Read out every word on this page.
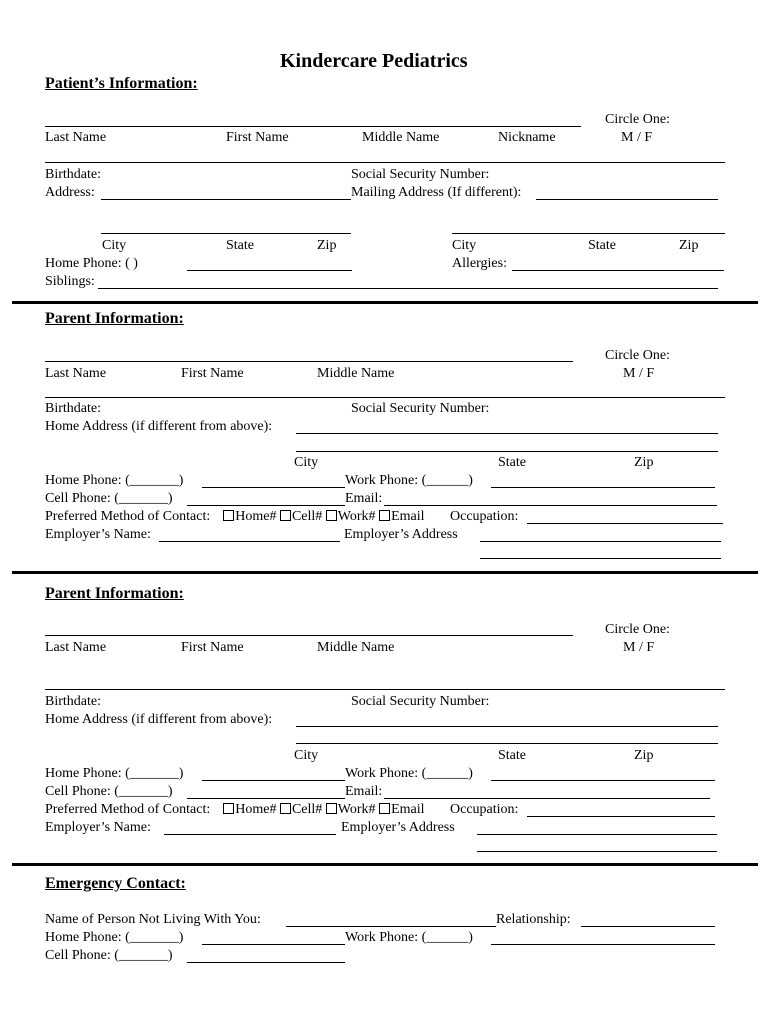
Kindercare Pediatrics
Patient’s Information:
Circle One:
M / F
Last Name	First Name	Middle Name	Nickname
Birthdate:	Social Security Number:
Address:	Mailing Address (If different):
City	State	Zip	City	State	Zip
Home Phone: ( )	Allergies:
Siblings:
Parent Information:
Circle One:
M / F
Last Name	First Name	Middle Name
Birthdate:	Social Security Number:
Home Address (if different from above):
City	State	Zip
Home Phone: (_______)	Work Phone: (______)
Cell Phone: (_______)	Email:
Preferred Method of Contact: Home# Cell# Work# Email Occupation:
Employer’s Name:	Employer’s Address
Parent Information:
Circle One:
M / F
Last Name	First Name	Middle Name
Birthdate:	Social Security Number:
Home Address (if different from above):
City	State	Zip
Home Phone: (_______)	Work Phone: (______)
Cell Phone: (_______)	Email:
Preferred Method of Contact: Home# Cell# Work# Email Occupation:
Employer’s Name:	Employer’s Address
Emergency Contact:
Name of Person Not Living With You:	Relationship:
Home Phone: (_______)	Work Phone: (______)
Cell Phone: (_______)
